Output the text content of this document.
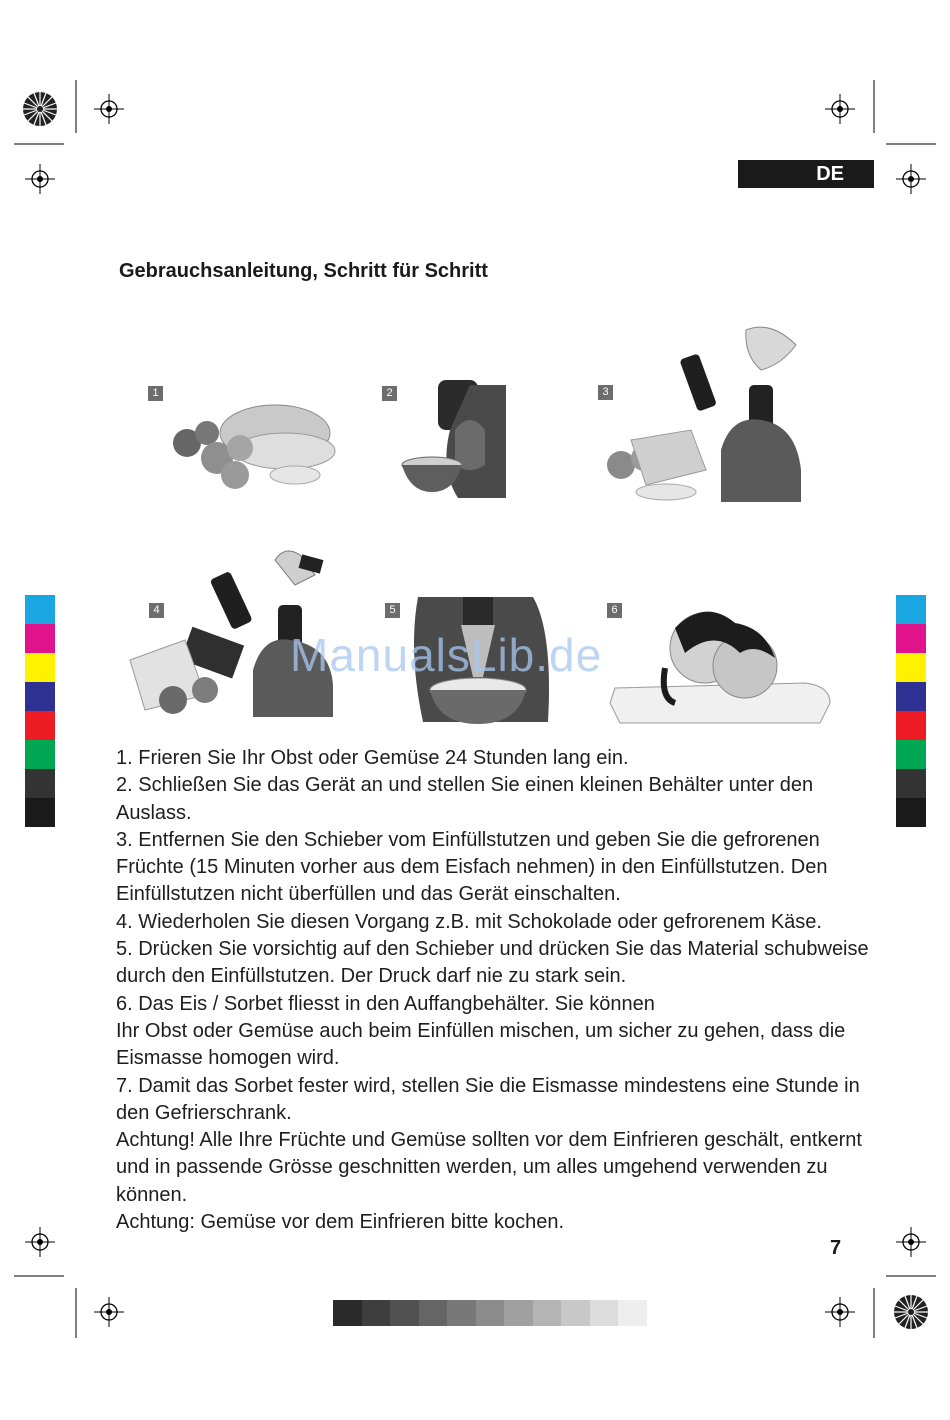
DE
Gebrauchsanleitung, Schritt für Schritt
1	2	3
4	5	6
ManualsLib.de

1. Frieren Sie Ihr Obst oder Gemüse 24 Stunden lang ein.

2. Schließen Sie das Gerät an und stellen Sie einen kleinen Behälter unter den Auslass.

3. Entfernen Sie den Schieber vom Einfüllstutzen und geben Sie die gefrorenen Früchte (15 Minuten vorher aus dem Eisfach nehmen) in den Einfüllstutzen. Den Einfüllstutzen nicht überfüllen und das Gerät einschalten.

4. Wiederholen Sie diesen Vorgang z.B. mit Schokolade oder gefrorenem Käse.

5. Drücken Sie vorsichtig auf den Schieber und drücken Sie das Material schubweise durch den Einfüllstutzen. Der Druck darf nie zu stark sein.

6. Das Eis / Sorbet fliesst in den Auffangbehälter. Sie können

Ihr Obst oder Gemüse auch beim Einfüllen mischen, um sicher zu gehen, dass die Eismasse homogen wird.

7. Damit das Sorbet fester wird, stellen Sie die Eismasse mindestens eine Stunde in den Gefrierschrank.

Achtung! Alle Ihre Früchte und Gemüse sollten vor dem Einfrieren geschält, entkernt und in passende Grösse geschnitten werden, um alles umgehend verwenden zu können.

Achtung: Gemüse vor dem Einfrieren bitte kochen.

7
